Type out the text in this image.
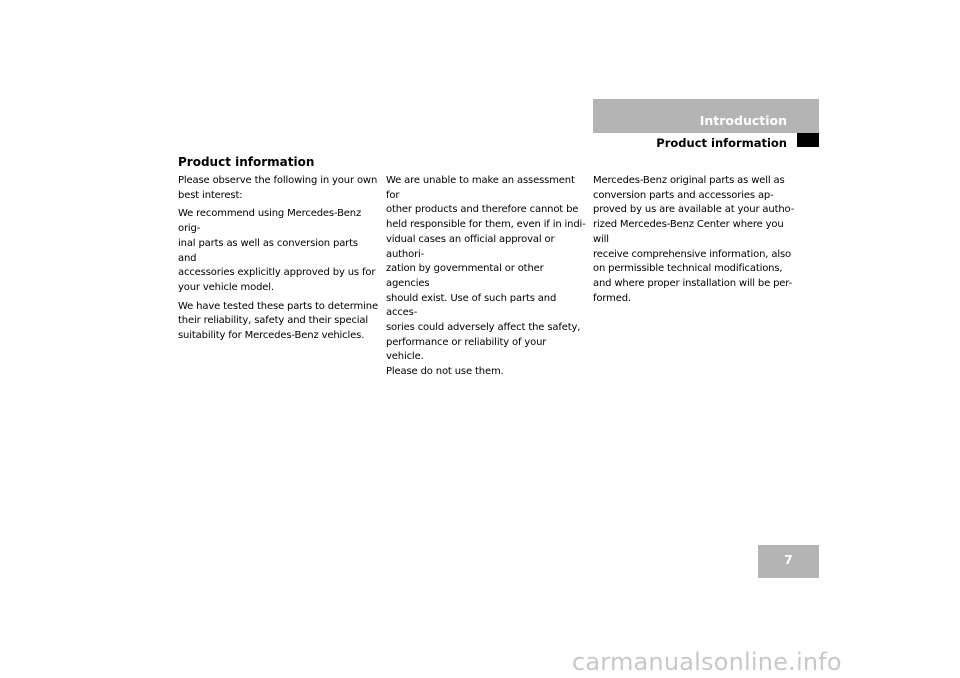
Introduction
Product information
Product information

Please observe the following in your own
best interest:

We recommend using Mercedes-Benz orig-
inal parts as well as conversion parts and
accessories explicitly approved by us for
your vehicle model.

We have tested these parts to determine
their reliability, safety and their special
suitability for Mercedes-Benz vehicles.

We are unable to make an assessment for
other products and therefore cannot be
held responsible for them, even if in indi-
vidual cases an official approval or authori-
zation by governmental or other agencies
should exist. Use of such parts and acces-
sories could adversely affect the safety,
performance or reliability of your vehicle.
Please do not use them.

Mercedes-Benz original parts as well as
conversion parts and accessories ap-
proved by us are available at your autho-
rized Mercedes-Benz Center where you will
receive comprehensive information, also
on permissible technical modifications,
and where proper installation will be per-
formed.

7
carmanualsonline.info
